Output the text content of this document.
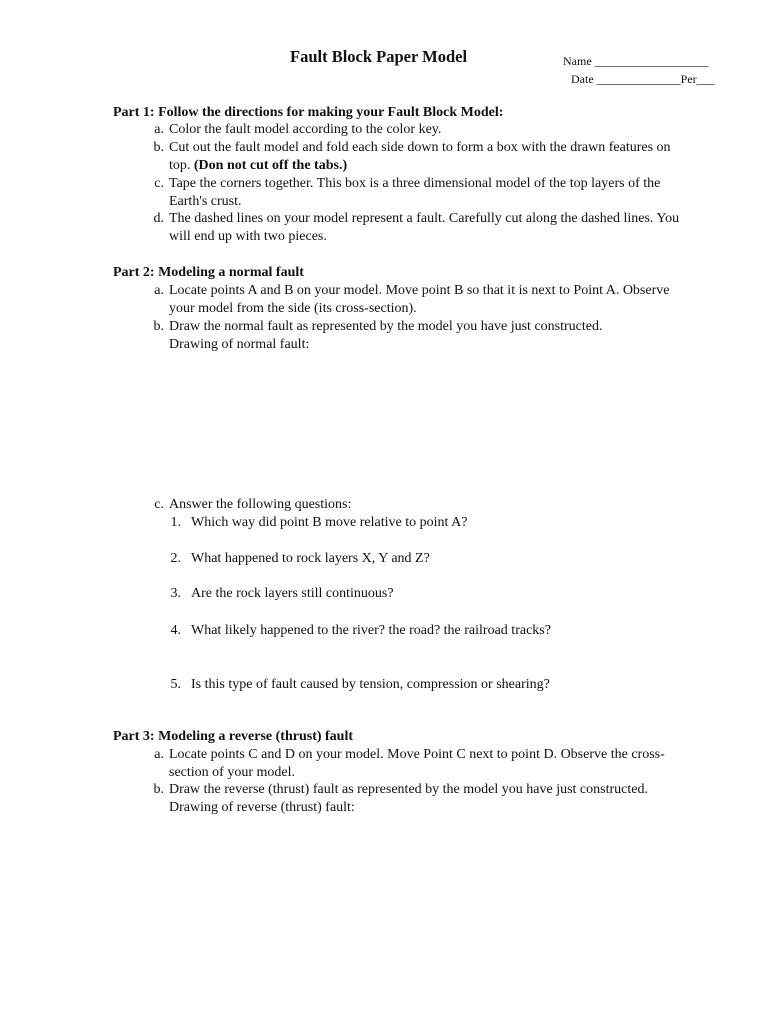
Fault Block Paper Model	Name ___________________
Date ______________Per___
Part 1: Follow the directions for making your Fault Block Model:
a. Color the fault model according to the color key.
b. Cut out the fault model and fold each side down to form a box with the drawn features on
top. (Don not cut off the tabs.)
c. Tape the corners together. This box is a three dimensional model of the top layers of the
Earth's crust.
d. The dashed lines on your model represent a fault. Carefully cut along the dashed lines. You
will end up with two pieces.
Part 2: Modeling a normal fault
a. Locate points A and B on your model. Move point B so that it is next to Point A. Observe
your model from the side (its cross-section).
b. Draw the normal fault as represented by the model you have just constructed.
Drawing of normal fault:
c. Answer the following questions:
1. Which way did point B move relative to point A?
2. What happened to rock layers X, Y and Z?
3. Are the rock layers still continuous?
4. What likely happened to the river? the road? the railroad tracks?
5. Is this type of fault caused by tension, compression or shearing?
Part 3: Modeling a reverse (thrust) fault
a. Locate points C and D on your model. Move Point C next to point D. Observe the cross-
section of your model.
b. Draw the reverse (thrust) fault as represented by the model you have just constructed.
Drawing of reverse (thrust) fault:
